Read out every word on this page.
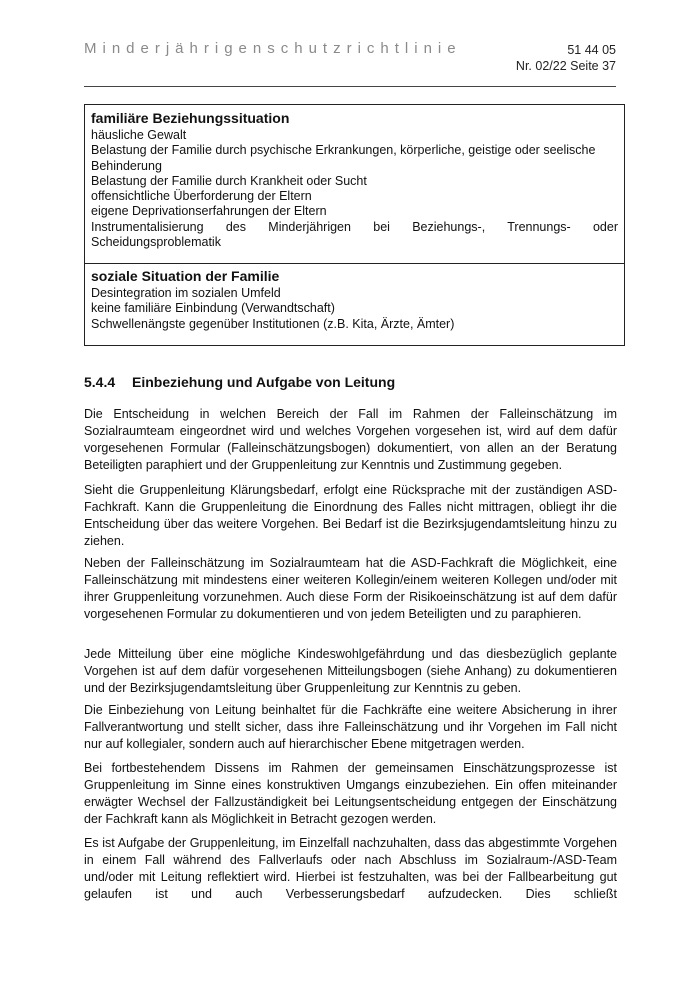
Minderjährigenschutzrichtlinie	51 44 05
Nr. 02/22 Seite 37
familiäre Beziehungssituation
häusliche Gewalt
Belastung der Familie durch psychische Erkrankungen, körperliche, geistige oder seelische Behinderung
Belastung der Familie durch Krankheit oder Sucht
offensichtliche Überforderung der Eltern
eigene Deprivationserfahrungen der Eltern
Instrumentalisierung des Minderjährigen bei Beziehungs-, Trennungs- oder Scheidungsproblematik
soziale Situation der Familie
Desintegration im sozialen Umfeld
keine familiäre Einbindung (Verwandtschaft)
Schwellenängste gegenüber Institutionen (z.B. Kita, Ärzte, Ämter)
5.4.4 Einbeziehung und Aufgabe von Leitung

Die Entscheidung in welchen Bereich der Fall im Rahmen der Falleinschätzung im Sozialraumteam eingeordnet wird und welches Vorgehen vorgesehen ist, wird auf dem dafür vorgesehenen Formular (Falleinschätzungsbogen) dokumentiert, von allen an der Beratung Beteiligten paraphiert und der Gruppenleitung zur Kenntnis und Zustimmung gegeben.

Sieht die Gruppenleitung Klärungsbedarf, erfolgt eine Rücksprache mit der zuständigen ASD-Fachkraft. Kann die Gruppenleitung die Einordnung des Falles nicht mittragen, obliegt ihr die Entscheidung über das weitere Vorgehen. Bei Bedarf ist die Bezirksjugendamtsleitung hinzu zu ziehen.

Neben der Falleinschätzung im Sozialraumteam hat die ASD-Fachkraft die Möglichkeit, eine Falleinschätzung mit mindestens einer weiteren Kollegin/einem weiteren Kollegen und/oder mit ihrer Gruppenleitung vorzunehmen. Auch diese Form der Risikoeinschätzung ist auf dem dafür vorgesehenen Formular zu dokumentieren und von jedem Beteiligten und zu paraphieren.

Jede Mitteilung über eine mögliche Kindeswohlgefährdung und das diesbezüglich geplante Vorgehen ist auf dem dafür vorgesehenen Mitteilungsbogen (siehe Anhang) zu dokumentieren und der Bezirksjugendamtsleitung über Gruppenleitung zur Kenntnis zu geben.

Die Einbeziehung von Leitung beinhaltet für die Fachkräfte eine weitere Absicherung in ihrer Fallverantwortung und stellt sicher, dass ihre Falleinschätzung und ihr Vorgehen im Fall nicht nur auf kollegialer, sondern auch auf hierarchischer Ebene mitgetragen werden.

Bei fortbestehendem Dissens im Rahmen der gemeinsamen Einschätzungsprozesse ist Gruppenleitung im Sinne eines konstruktiven Umgangs einzubeziehen. Ein offen miteinander erwägter Wechsel der Fallzuständigkeit bei Leitungsentscheidung entgegen der Einschätzung der Fachkraft kann als Möglichkeit in Betracht gezogen werden.

Es ist Aufgabe der Gruppenleitung, im Einzelfall nachzuhalten, dass das abgestimmte Vorgehen in einem Fall während des Fallverlaufs oder nach Abschluss im Sozialraum-/ASD-Team und/oder mit Leitung reflektiert wird. Hierbei ist festzuhalten, was bei der Fallbearbeitung gut gelaufen ist und auch Verbesserungsbedarf aufzudecken. Dies schließt
